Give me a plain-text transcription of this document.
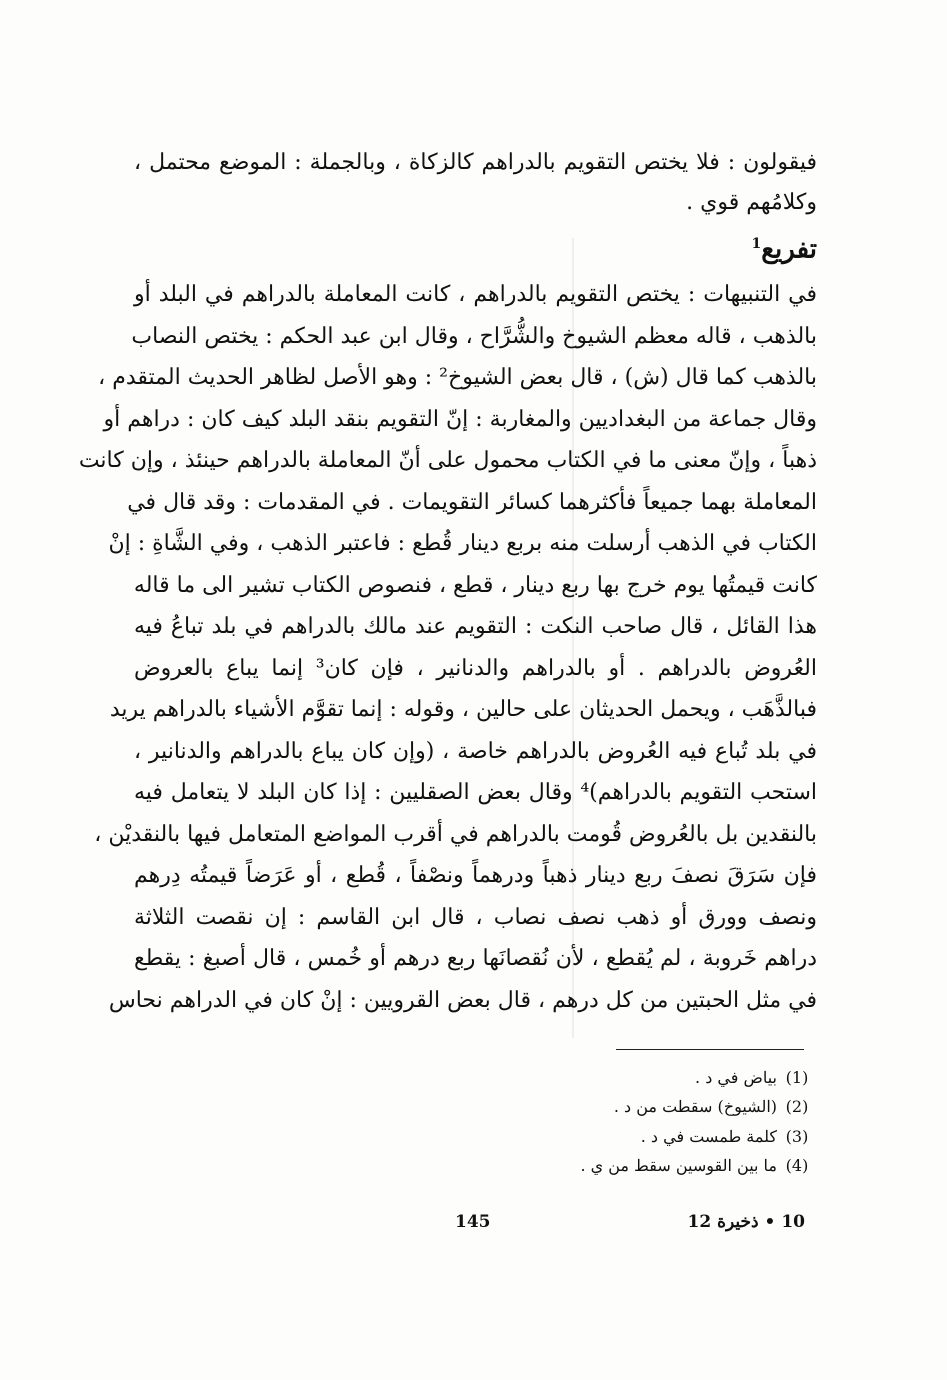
فيقولون : فلا يختص التقويم بالدراهم كالزكاة ، وبالجملة : الموضع محتمل ،
وكلامُهم قوي .
تفريع$^1$
في التنبيهات : يختص التقويم بالدراهم ، كانت المعاملة بالدراهم في البلد أو
بالذهب ، قاله معظم الشيوخ والشُّرَّاح ، وقال ابن عبد الحكم : يختص النصاب
بالذهب كما قال (ش) ، قال بعض الشيوخ² : وهو الأصل لظاهر الحديث المتقدم ،
وقال جماعة من البغداديين والمغاربة : إنّ التقويم بنقد البلد كيف كان : دراهم أو
ذهباً ، وإنّ معنى ما في الكتاب محمول على أنّ المعاملة بالدراهم حينئذ ، وإن كانت
المعاملة بهما جميعاً فأكثرهما كسائر التقويمات . في المقدمات : وقد قال في
الكتاب في الذهب أرسلت منه بربع دينار قُطع : فاعتبر الذهب ، وفي الشَّاةِ : إنْ
كانت قيمتُها يوم خرج بها ربع دينار ، قطع ، فنصوص الكتاب تشير الى ما قاله
هذا القائل ، قال صاحب النكت : التقويم عند مالك بالدراهم في بلد تباعُ فيه
العُروض بالدراهم . أو بالدراهم والدنانير ، فإن كان³ إنما يباع بالعروض
فبالذَّهَب ، ويحمل الحديثان على حالين ، وقوله : إنما تقوَّم الأشياء بالدراهم يريد
في بلد تُباع فيه العُروض بالدراهم خاصة ، (وإن كان يباع بالدراهم والدنانير ،
استحب التقويم بالدراهم)⁴ وقال بعض الصقليين : إذا كان البلد لا يتعامل فيه
بالنقدين بل بالعُروض قُومت بالدراهم في أقرب المواضع المتعامل فيها بالنقديْن ،
فإن سَرَقَ نصفَ ربع دينار ذهباً ودرهماً ونصْفاً ، قُطع ، أو عَرَضاً قيمتُه دِرهم
ونصف وورق أو ذهب نصف نصاب ، قال ابن القاسم : إن نقصت الثلاثة
دراهم خَروبة ، لم يُقطع ، لأن نُقصانَها ربع درهم أو خُمس ، قال أصبغ : يقطع
في مثل الحبتين من كل درهم ، قال بعض القرويين : إنْ كان في الدراهم نحاس
(1)بياض في د .
(2)(الشيوخ) سقطت من د .
(3)كلمة طمست في د .
(4)ما بين القوسين سقط من ي .
145	10 • ذخيرة 12
